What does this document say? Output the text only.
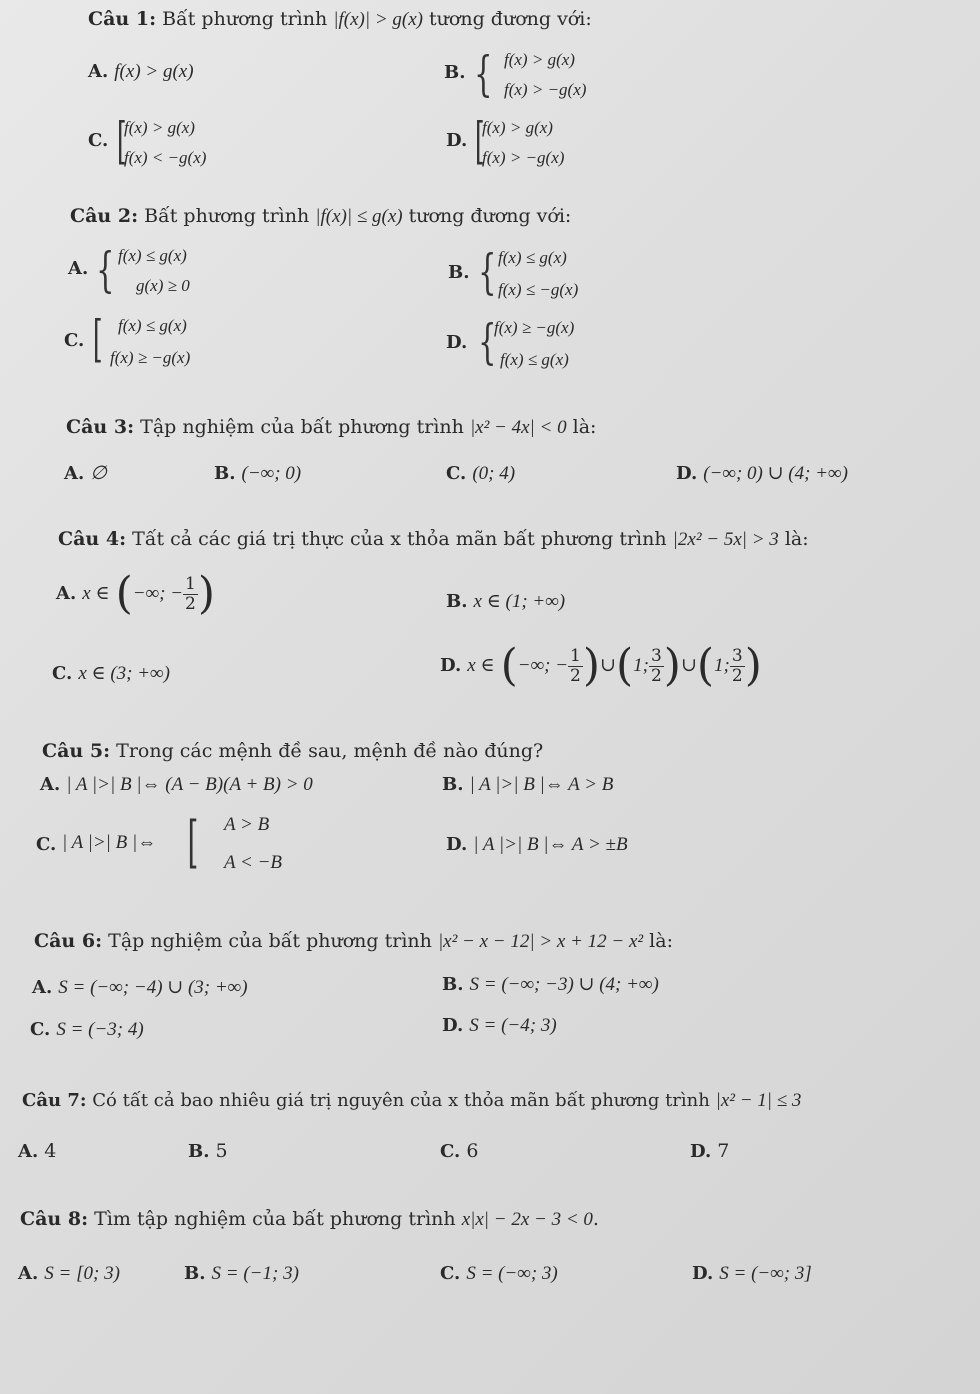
Câu 1: Bất phương trình |f(x)| > g(x) tương đương với:
A. f(x) > g(x)	B. { f(x) > g(x)
f(x) > −g(x)
C. [
f(x) > g(x)
f(x) < −g(x)
D. [
f(x) > g(x)
f(x) > −g(x)
Câu 2: Bất phương trình |f(x)| ≤ g(x) tương đương với:
A. { f(x) ≤ g(x)
g(x) ≥ 0
B. { f(x) ≤ g(x)
f(x) ≤ −g(x)
C. [ f(x) ≤ g(x)
f(x) ≥ −g(x)
D. {
f(x) ≥ −g(x)
f(x) ≤ g(x)
Câu 3: Tập nghiệm của bất phương trình |x² − 4x| < 0 là:
A. ∅	B. (−∞; 0)	C. (0; 4)	D. (−∞; 0) ∪ (4; +∞)
Câu 4: Tất cả các giá trị thực của x thỏa mãn bất phương trình |2x² − 5x| > 3 là:
A. x ∈ (−∞; − $\frac{1}{2}$ )	B. x ∈ (1; +∞)
C. x ∈ (3; +∞)	D. x ∈ (−∞; − $\frac{1}{2}$ )∪(1; $\frac{3}{2}$ )∪(1; $\frac{3}{2}$ )
Câu 5: Trong các mệnh đề sau, mệnh đề nào đúng?
A. | A |>| B |⇔ (A − B)(A + B) > 0	B. | A |>| B |⇔ A > B
C. | A |>| B |⇔ [ A > B
A < −B
D. | A |>| B |⇔ A > ±B
Câu 6: Tập nghiệm của bất phương trình |x² − x − 12| > x + 12 − x² là:
A. S = (−∞; −4) ∪ (3; +∞)	B. S = (−∞; −3) ∪ (4; +∞)
C. S = (−3; 4)	D. S = (−4; 3)
Câu 7: Có tất cả bao nhiêu giá trị nguyên của x thỏa mãn bất phương trình |x² − 1| ≤ 3
A. 4	B. 5	C. 6	D. 7
Câu 8: Tìm tập nghiệm của bất phương trình x|x| − 2x − 3 < 0.
A. S = [0; 3)	B. S = (−1; 3)	C. S = (−∞; 3)	D. S = (−∞; 3]
